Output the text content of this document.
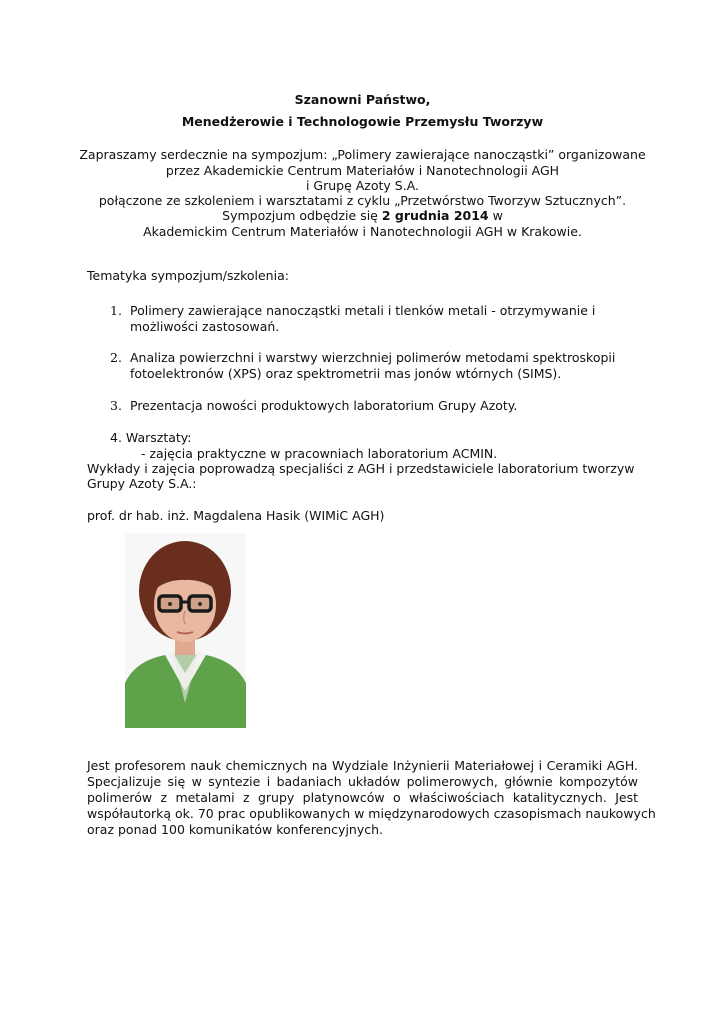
Szanowni Państwo,
Menedżerowie i Technologowie Przemysłu Tworzyw
Zapraszamy serdecznie na sympozjum: „Polimery zawierające nanocząstki” organizowane
przez Akademickie Centrum Materiałów i Nanotechnologii AGH
i Grupę Azoty S.A.
połączone ze szkoleniem i warsztatami z cyklu „Przetwórstwo Tworzyw Sztucznych”.
Sympozjum odbędzie się 2 grudnia 2014 w
Akademickim Centrum Materiałów i Nanotechnologii AGH w Krakowie.
Tematyka sympozjum/szkolenia:
1. Polimery zawierające nanocząstki metali i tlenków metali - otrzymywanie i
możliwości zastosowań.
2. Analiza powierzchni i warstwy wierzchniej polimerów metodami spektroskopii
fotoelektronów (XPS) oraz spektrometrii mas jonów wtórnych (SIMS).
3. Prezentacja nowości produktowych laboratorium Grupy Azoty.
4. Warsztaty:
- zajęcia praktyczne w pracowniach laboratorium ACMIN.
Wykłady i zajęcia poprowadzą specjaliści z AGH i przedstawiciele laboratorium tworzyw
Grupy Azoty S.A.:
prof. dr hab. inż. Magdalena Hasik (WIMiC AGH)
Jest profesorem nauk chemicznych na Wydziale Inżynierii Materiałowej i Ceramiki AGH.
Specjalizuje się w syntezie i badaniach układów polimerowych, głównie kompozytów
polimerów z metalami z grupy platynowców o właściwościach katalitycznych. Jest
współautorką ok. 70 prac opublikowanych w międzynarodowych czasopismach naukowych
oraz ponad 100 komunikatów konferencyjnych.
